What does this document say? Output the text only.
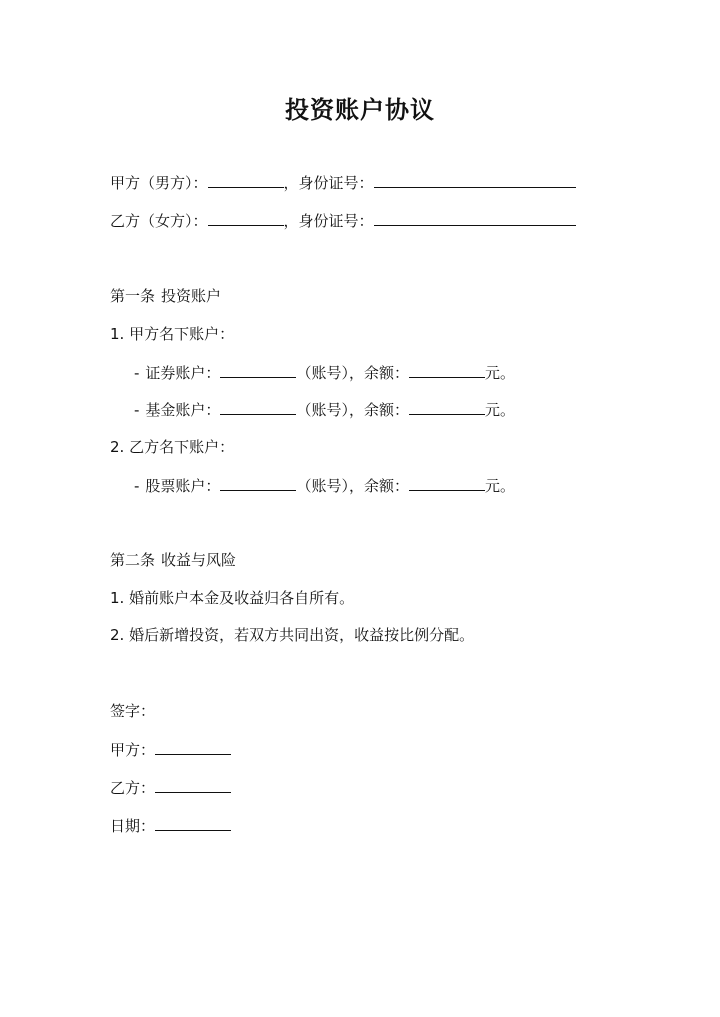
投资账户协议
甲方（男方）：	，身份证号：
乙方（女方）：	，身份证号：
第一条 投资账户
1. 甲方名下账户：
- 证券账户：	（账号），余额：	元。
- 基金账户：	（账号），余额：	元。
2. 乙方名下账户：
- 股票账户：	（账号），余额：	元。
第二条 收益与风险
1. 婚前账户本金及收益归各自所有。
2. 婚后新增投资，若双方共同出资，收益按比例分配。
签字：
甲方：
乙方：
日期：
